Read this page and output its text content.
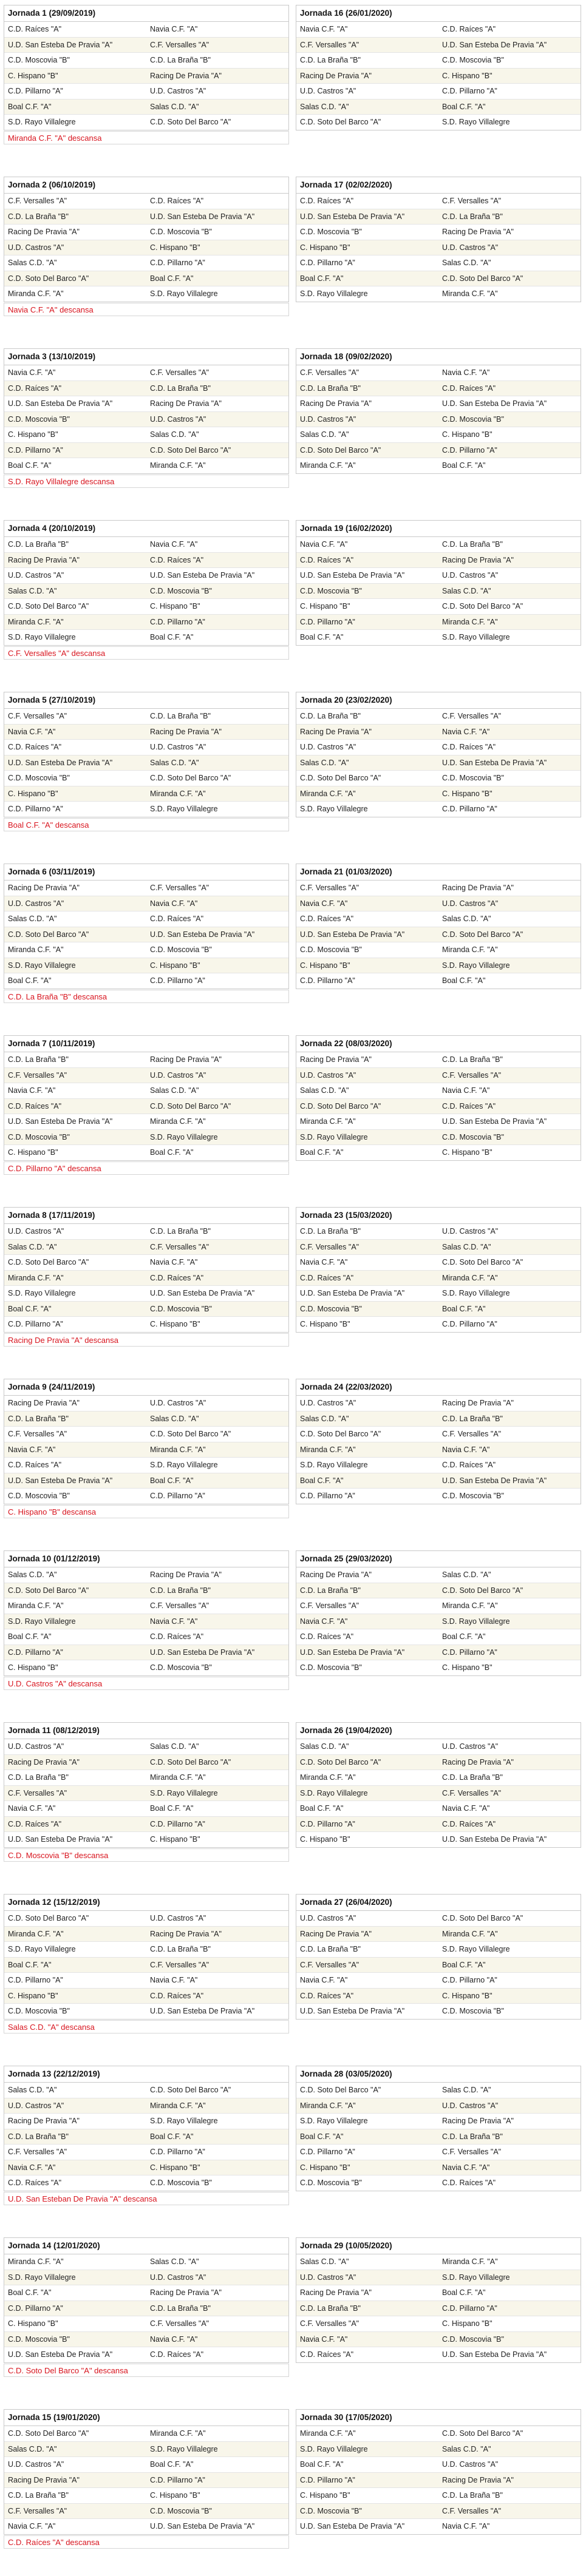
Jornada 1 (29/09/2019)
C.D. Raíces "A"	Navia C.F. "A"
U.D. San Esteba De Pravia "A"	C.F. Versalles "A"
C.D. Moscovia "B"	C.D. La Braña "B"
C. Hispano "B"	Racing De Pravia "A"
C.D. Pillarno "A"	U.D. Castros "A"
Boal C.F. "A"	Salas C.D. "A"
S.D. Rayo Villalegre	C.D. Soto Del Barco "A"
Jornada 16 (26/01/2020)
Navia C.F. "A"	C.D. Raíces "A"
C.F. Versalles "A"	U.D. San Esteba De Pravia "A"
C.D. La Braña "B"	C.D. Moscovia "B"
Racing De Pravia "A"	C. Hispano "B"
U.D. Castros "A"	C.D. Pillarno "A"
Salas C.D. "A"	Boal C.F. "A"
C.D. Soto Del Barco "A"	S.D. Rayo Villalegre
Miranda C.F. "A" descansa
Jornada 2 (06/10/2019)
C.F. Versalles "A"	C.D. Raíces "A"
C.D. La Braña "B"	U.D. San Esteba De Pravia "A"
Racing De Pravia "A"	C.D. Moscovia "B"
U.D. Castros "A"	C. Hispano "B"
Salas C.D. "A"	C.D. Pillarno "A"
C.D. Soto Del Barco "A"	Boal C.F. "A"
Miranda C.F. "A"	S.D. Rayo Villalegre
Jornada 17 (02/02/2020)
C.D. Raíces "A"	C.F. Versalles "A"
U.D. San Esteba De Pravia "A"	C.D. La Braña "B"
C.D. Moscovia "B"	Racing De Pravia "A"
C. Hispano "B"	U.D. Castros "A"
C.D. Pillarno "A"	Salas C.D. "A"
Boal C.F. "A"	C.D. Soto Del Barco "A"
S.D. Rayo Villalegre	Miranda C.F. "A"
Navia C.F. "A" descansa
Jornada 3 (13/10/2019)
Navia C.F. "A"	C.F. Versalles "A"
C.D. Raíces "A"	C.D. La Braña "B"
U.D. San Esteba De Pravia "A"	Racing De Pravia "A"
C.D. Moscovia "B"	U.D. Castros "A"
C. Hispano "B"	Salas C.D. "A"
C.D. Pillarno "A"	C.D. Soto Del Barco "A"
Boal C.F. "A"	Miranda C.F. "A"
Jornada 18 (09/02/2020)
C.F. Versalles "A"	Navia C.F. "A"
C.D. La Braña "B"	C.D. Raíces "A"
Racing De Pravia "A"	U.D. San Esteba De Pravia "A"
U.D. Castros "A"	C.D. Moscovia "B"
Salas C.D. "A"	C. Hispano "B"
C.D. Soto Del Barco "A"	C.D. Pillarno "A"
Miranda C.F. "A"	Boal C.F. "A"
S.D. Rayo Villalegre descansa
Jornada 4 (20/10/2019)
C.D. La Braña "B"	Navia C.F. "A"
Racing De Pravia "A"	C.D. Raíces "A"
U.D. Castros "A"	U.D. San Esteba De Pravia "A"
Salas C.D. "A"	C.D. Moscovia "B"
C.D. Soto Del Barco "A"	C. Hispano "B"
Miranda C.F. "A"	C.D. Pillarno "A"
S.D. Rayo Villalegre	Boal C.F. "A"
Jornada 19 (16/02/2020)
Navia C.F. "A"	C.D. La Braña "B"
C.D. Raíces "A"	Racing De Pravia "A"
U.D. San Esteba De Pravia "A"	U.D. Castros "A"
C.D. Moscovia "B"	Salas C.D. "A"
C. Hispano "B"	C.D. Soto Del Barco "A"
C.D. Pillarno "A"	Miranda C.F. "A"
Boal C.F. "A"	S.D. Rayo Villalegre
C.F. Versalles "A" descansa
Jornada 5 (27/10/2019)
C.F. Versalles "A"	C.D. La Braña "B"
Navia C.F. "A"	Racing De Pravia "A"
C.D. Raíces "A"	U.D. Castros "A"
U.D. San Esteba De Pravia "A"	Salas C.D. "A"
C.D. Moscovia "B"	C.D. Soto Del Barco "A"
C. Hispano "B"	Miranda C.F. "A"
C.D. Pillarno "A"	S.D. Rayo Villalegre
Jornada 20 (23/02/2020)
C.D. La Braña "B"	C.F. Versalles "A"
Racing De Pravia "A"	Navia C.F. "A"
U.D. Castros "A"	C.D. Raíces "A"
Salas C.D. "A"	U.D. San Esteba De Pravia "A"
C.D. Soto Del Barco "A"	C.D. Moscovia "B"
Miranda C.F. "A"	C. Hispano "B"
S.D. Rayo Villalegre	C.D. Pillarno "A"
Boal C.F. "A" descansa
Jornada 6 (03/11/2019)
Racing De Pravia "A"	C.F. Versalles "A"
U.D. Castros "A"	Navia C.F. "A"
Salas C.D. "A"	C.D. Raíces "A"
C.D. Soto Del Barco "A"	U.D. San Esteba De Pravia "A"
Miranda C.F. "A"	C.D. Moscovia "B"
S.D. Rayo Villalegre	C. Hispano "B"
Boal C.F. "A"	C.D. Pillarno "A"
Jornada 21 (01/03/2020)
C.F. Versalles "A"	Racing De Pravia "A"
Navia C.F. "A"	U.D. Castros "A"
C.D. Raíces "A"	Salas C.D. "A"
U.D. San Esteba De Pravia "A"	C.D. Soto Del Barco "A"
C.D. Moscovia "B"	Miranda C.F. "A"
C. Hispano "B"	S.D. Rayo Villalegre
C.D. Pillarno "A"	Boal C.F. "A"
C.D. La Braña "B" descansa
Jornada 7 (10/11/2019)
C.D. La Braña "B"	Racing De Pravia "A"
C.F. Versalles "A"	U.D. Castros "A"
Navia C.F. "A"	Salas C.D. "A"
C.D. Raíces "A"	C.D. Soto Del Barco "A"
U.D. San Esteba De Pravia "A"	Miranda C.F. "A"
C.D. Moscovia "B"	S.D. Rayo Villalegre
C. Hispano "B"	Boal C.F. "A"
Jornada 22 (08/03/2020)
Racing De Pravia "A"	C.D. La Braña "B"
U.D. Castros "A"	C.F. Versalles "A"
Salas C.D. "A"	Navia C.F. "A"
C.D. Soto Del Barco "A"	C.D. Raíces "A"
Miranda C.F. "A"	U.D. San Esteba De Pravia "A"
S.D. Rayo Villalegre	C.D. Moscovia "B"
Boal C.F. "A"	C. Hispano "B"
C.D. Pillarno "A" descansa
Jornada 8 (17/11/2019)
U.D. Castros "A"	C.D. La Braña "B"
Salas C.D. "A"	C.F. Versalles "A"
C.D. Soto Del Barco "A"	Navia C.F. "A"
Miranda C.F. "A"	C.D. Raíces "A"
S.D. Rayo Villalegre	U.D. San Esteba De Pravia "A"
Boal C.F. "A"	C.D. Moscovia "B"
C.D. Pillarno "A"	C. Hispano "B"
Jornada 23 (15/03/2020)
C.D. La Braña "B"	U.D. Castros "A"
C.F. Versalles "A"	Salas C.D. "A"
Navia C.F. "A"	C.D. Soto Del Barco "A"
C.D. Raíces "A"	Miranda C.F. "A"
U.D. San Esteba De Pravia "A"	S.D. Rayo Villalegre
C.D. Moscovia "B"	Boal C.F. "A"
C. Hispano "B"	C.D. Pillarno "A"
Racing De Pravia "A" descansa
Jornada 9 (24/11/2019)
Racing De Pravia "A"	U.D. Castros "A"
C.D. La Braña "B"	Salas C.D. "A"
C.F. Versalles "A"	C.D. Soto Del Barco "A"
Navia C.F. "A"	Miranda C.F. "A"
C.D. Raíces "A"	S.D. Rayo Villalegre
U.D. San Esteba De Pravia "A"	Boal C.F. "A"
C.D. Moscovia "B"	C.D. Pillarno "A"
Jornada 24 (22/03/2020)
U.D. Castros "A"	Racing De Pravia "A"
Salas C.D. "A"	C.D. La Braña "B"
C.D. Soto Del Barco "A"	C.F. Versalles "A"
Miranda C.F. "A"	Navia C.F. "A"
S.D. Rayo Villalegre	C.D. Raíces "A"
Boal C.F. "A"	U.D. San Esteba De Pravia "A"
C.D. Pillarno "A"	C.D. Moscovia "B"
C. Hispano "B" descansa
Jornada 10 (01/12/2019)
Salas C.D. "A"	Racing De Pravia "A"
C.D. Soto Del Barco "A"	C.D. La Braña "B"
Miranda C.F. "A"	C.F. Versalles "A"
S.D. Rayo Villalegre	Navia C.F. "A"
Boal C.F. "A"	C.D. Raíces "A"
C.D. Pillarno "A"	U.D. San Esteba De Pravia "A"
C. Hispano "B"	C.D. Moscovia "B"
Jornada 25 (29/03/2020)
Racing De Pravia "A"	Salas C.D. "A"
C.D. La Braña "B"	C.D. Soto Del Barco "A"
C.F. Versalles "A"	Miranda C.F. "A"
Navia C.F. "A"	S.D. Rayo Villalegre
C.D. Raíces "A"	Boal C.F. "A"
U.D. San Esteba De Pravia "A"	C.D. Pillarno "A"
C.D. Moscovia "B"	C. Hispano "B"
U.D. Castros "A" descansa
Jornada 11 (08/12/2019)
U.D. Castros "A"	Salas C.D. "A"
Racing De Pravia "A"	C.D. Soto Del Barco "A"
C.D. La Braña "B"	Miranda C.F. "A"
C.F. Versalles "A"	S.D. Rayo Villalegre
Navia C.F. "A"	Boal C.F. "A"
C.D. Raíces "A"	C.D. Pillarno "A"
U.D. San Esteba De Pravia "A"	C. Hispano "B"
Jornada 26 (19/04/2020)
Salas C.D. "A"	U.D. Castros "A"
C.D. Soto Del Barco "A"	Racing De Pravia "A"
Miranda C.F. "A"	C.D. La Braña "B"
S.D. Rayo Villalegre	C.F. Versalles "A"
Boal C.F. "A"	Navia C.F. "A"
C.D. Pillarno "A"	C.D. Raíces "A"
C. Hispano "B"	U.D. San Esteba De Pravia "A"
C.D. Moscovia "B" descansa
Jornada 12 (15/12/2019)
C.D. Soto Del Barco "A"	U.D. Castros "A"
Miranda C.F. "A"	Racing De Pravia "A"
S.D. Rayo Villalegre	C.D. La Braña "B"
Boal C.F. "A"	C.F. Versalles "A"
C.D. Pillarno "A"	Navia C.F. "A"
C. Hispano "B"	C.D. Raíces "A"
C.D. Moscovia "B"	U.D. San Esteba De Pravia "A"
Jornada 27 (26/04/2020)
U.D. Castros "A"	C.D. Soto Del Barco "A"
Racing De Pravia "A"	Miranda C.F. "A"
C.D. La Braña "B"	S.D. Rayo Villalegre
C.F. Versalles "A"	Boal C.F. "A"
Navia C.F. "A"	C.D. Pillarno "A"
C.D. Raíces "A"	C. Hispano "B"
U.D. San Esteba De Pravia "A"	C.D. Moscovia "B"
Salas C.D. "A" descansa
Jornada 13 (22/12/2019)
Salas C.D. "A"	C.D. Soto Del Barco "A"
U.D. Castros "A"	Miranda C.F. "A"
Racing De Pravia "A"	S.D. Rayo Villalegre
C.D. La Braña "B"	Boal C.F. "A"
C.F. Versalles "A"	C.D. Pillarno "A"
Navia C.F. "A"	C. Hispano "B"
C.D. Raíces "A"	C.D. Moscovia "B"
Jornada 28 (03/05/2020)
C.D. Soto Del Barco "A"	Salas C.D. "A"
Miranda C.F. "A"	U.D. Castros "A"
S.D. Rayo Villalegre	Racing De Pravia "A"
Boal C.F. "A"	C.D. La Braña "B"
C.D. Pillarno "A"	C.F. Versalles "A"
C. Hispano "B"	Navia C.F. "A"
C.D. Moscovia "B"	C.D. Raíces "A"
U.D. San Esteban De Pravia "A" descansa
Jornada 14 (12/01/2020)
Miranda C.F. "A"	Salas C.D. "A"
S.D. Rayo Villalegre	U.D. Castros "A"
Boal C.F. "A"	Racing De Pravia "A"
C.D. Pillarno "A"	C.D. La Braña "B"
C. Hispano "B"	C.F. Versalles "A"
C.D. Moscovia "B"	Navia C.F. "A"
U.D. San Esteba De Pravia "A"	C.D. Raíces "A"
Jornada 29 (10/05/2020)
Salas C.D. "A"	Miranda C.F. "A"
U.D. Castros "A"	S.D. Rayo Villalegre
Racing De Pravia "A"	Boal C.F. "A"
C.D. La Braña "B"	C.D. Pillarno "A"
C.F. Versalles "A"	C. Hispano "B"
Navia C.F. "A"	C.D. Moscovia "B"
C.D. Raíces "A"	U.D. San Esteba De Pravia "A"
C.D. Soto Del Barco "A" descansa
Jornada 15 (19/01/2020)
C.D. Soto Del Barco "A"	Miranda C.F. "A"
Salas C.D. "A"	S.D. Rayo Villalegre
U.D. Castros "A"	Boal C.F. "A"
Racing De Pravia "A"	C.D. Pillarno "A"
C.D. La Braña "B"	C. Hispano "B"
C.F. Versalles "A"	C.D. Moscovia "B"
Navia C.F. "A"	U.D. San Esteba De Pravia "A"
Jornada 30 (17/05/2020)
Miranda C.F. "A"	C.D. Soto Del Barco "A"
S.D. Rayo Villalegre	Salas C.D. "A"
Boal C.F. "A"	U.D. Castros "A"
C.D. Pillarno "A"	Racing De Pravia "A"
C. Hispano "B"	C.D. La Braña "B"
C.D. Moscovia "B"	C.F. Versalles "A"
U.D. San Esteba De Pravia "A"	Navia C.F. "A"
C.D. Raíces "A" descansa
